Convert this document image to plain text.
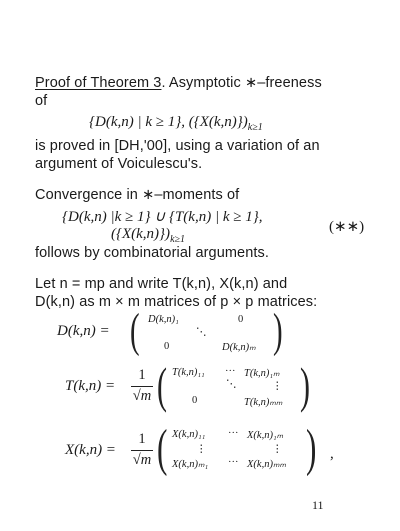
Proof of Theorem 3. Asymptotic ∗–freeness
of
{D(k,n) | k ≥ 1}, $(\{X(k,n)\})_{k\ge 1}$
is proved in [DH,'00], using a variation of an
argument of Voiculescu's.
Convergence in ∗–moments of
{D(k,n) |k ≥ 1} ∪ {T(k,n) | k ≥ 1},
$(\{X(k,n)\})_{k\ge 1}$
(∗∗)
follows by combinatorial arguments.
Let n = mp and write T(k,n), X(k,n) and
D(k,n) as m × m matrices of p × p matrices:
D(k,n) = ( D(k,n)₁	0
⋱
0	D(k,n)ₘ )
T(k,n) =
1
√m ( T(k,n)₁₁ ··· T(k,n)₁ₘ
⋮
⋱
0	T(k,n)ₘₘ )
X(k,n) =
1
√m ( X(k,n)₁₁ ··· X(k,n)₁ₘ
⋮	⋮
X(k,n)ₘ₁ ··· X(k,n)ₘₘ ) ,
11
